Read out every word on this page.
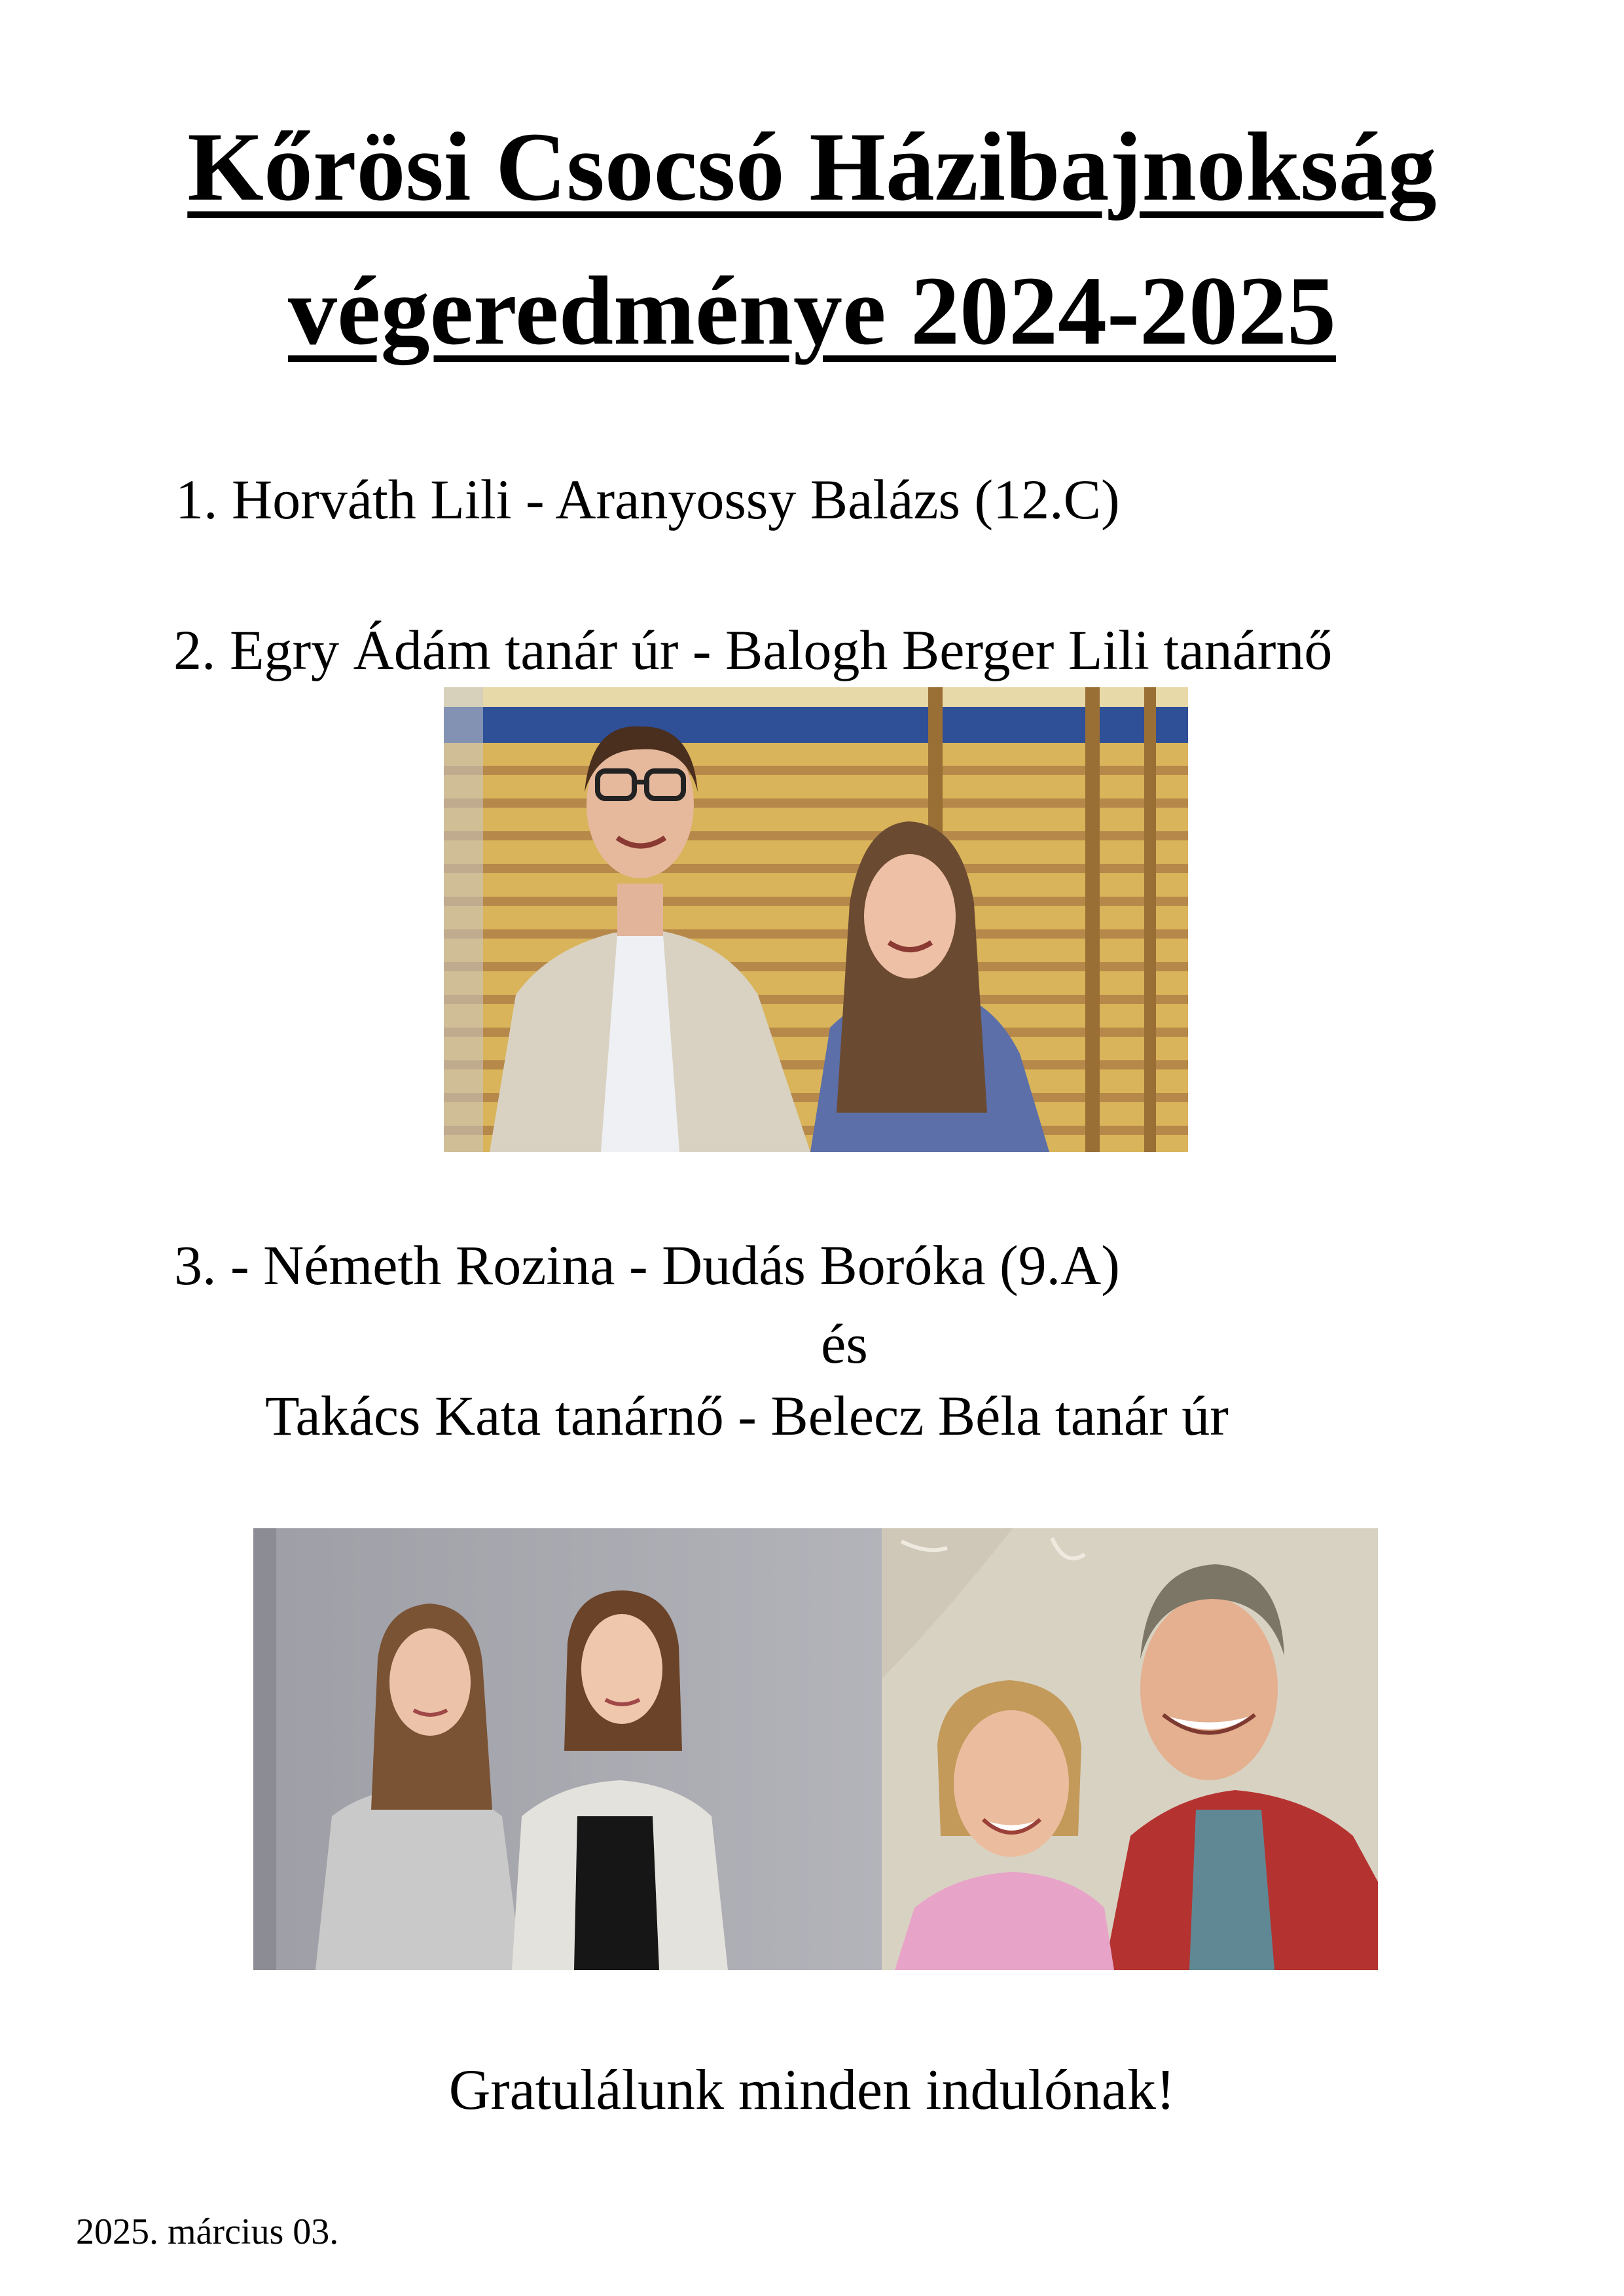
Kőrösi Csocsó Házibajnokság
végeredménye 2024-2025
1. Horváth Lili - Aranyossy Balázs (12.C)
2. Egry Ádám tanár úr - Balogh Berger Lili tanárnő
3. - Németh Rozina - Dudás Boróka (9.A)
és
Takács Kata tanárnő - Belecz Béla tanár úr
Gratulálunk minden indulónak!
2025. március 03.
